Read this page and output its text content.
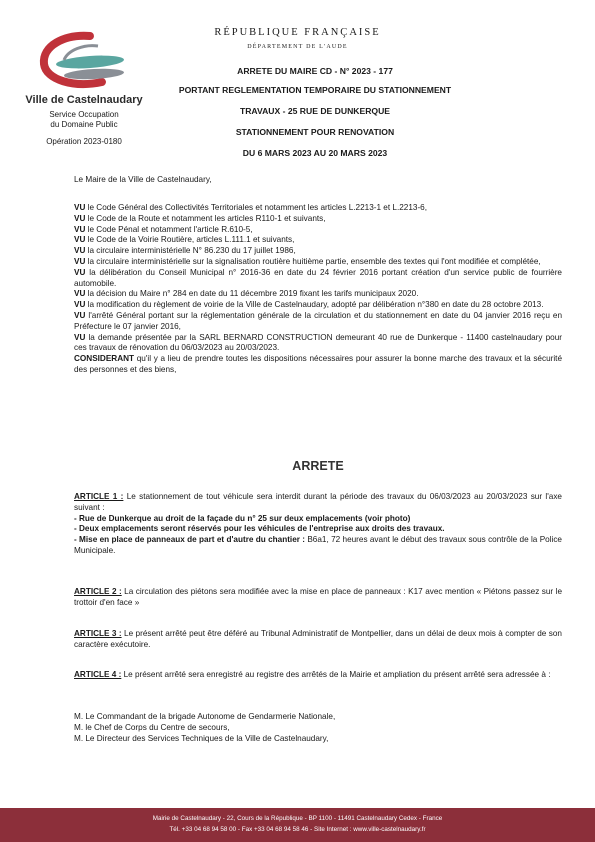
Ville de Castelnaudary
Service Occupation
du Domaine Public
Opération 2023-0180
RÉPUBLIQUE FRANÇAISE
DÉPARTEMENT DE L'AUDE
ARRETE DU MAIRE CD - N° 2023 - 177
PORTANT REGLEMENTATION TEMPORAIRE DU STATIONNEMENT
TRAVAUX - 25 RUE DE DUNKERQUE
STATIONNEMENT POUR RENOVATION
DU 6 MARS 2023 AU 20 MARS 2023
Le Maire de la Ville de Castelnaudary,

VU le Code Général des Collectivités Territoriales et notamment les articles L.2213-1 et L.2213-6,

VU le Code de la Route et notamment les articles R110-1 et suivants,

VU le Code Pénal et notamment l'article R.610-5,

VU le Code de la Voirie Routière, articles L.111.1 et suivants,

VU la circulaire interministérielle N° 86.230 du 17 juillet 1986,

VU la circulaire interministérielle sur la signalisation routière huitième partie, ensemble des textes qui l'ont modifiée et complétée,

VU la délibération du Conseil Municipal n° 2016-36 en date du 24 février 2016 portant création d'un service public de fourrière automobile.

VU la décision du Maire n° 284 en date du 11 décembre 2019 fixant les tarifs municipaux 2020.

VU la modification du règlement de voirie de la Ville de Castelnaudary, adopté par délibération n°380 en date du 28 octobre 2013.

VU l'arrêté Général portant sur la réglementation générale de la circulation et du stationnement en date du 04 janvier 2016 reçu en Préfecture le 07 janvier 2016,

VU la demande présentée par la SARL BERNARD CONSTRUCTION demeurant 40 rue de Dunkerque - 11400 castelnaudary pour ces travaux de rénovation du 06/03/2023 au 20/03/2023.

CONSIDERANT qu'il y a lieu de prendre toutes les dispositions nécessaires pour assurer la bonne marche des travaux et la sécurité des personnes et des biens,

ARRETE

ARTICLE 1 : Le stationnement de tout véhicule sera interdit durant la période des travaux du 06/03/2023 au 20/03/2023 sur l'axe suivant :

- Rue de Dunkerque au droit de la façade du n° 25 sur deux emplacements (voir photo)

- Deux emplacements seront réservés pour les véhicules de l'entreprise aux droits des travaux.

- Mise en place de panneaux de part et d'autre du chantier : B6a1, 72 heures avant le début des travaux sous contrôle de la Police Municipale.

ARTICLE 2 : La circulation des piétons sera modifiée avec la mise en place de panneaux : K17 avec mention « Piétons passez sur le trottoir d'en face »

ARTICLE 3 : Le présent arrêté peut être déféré au Tribunal Administratif de Montpellier, dans un délai de deux mois à compter de son caractère exécutoire.

ARTICLE 4 : Le présent arrêté sera enregistré au registre des arrêtés de la Mairie et ampliation du présent arrêté sera adressée à :

M. Le Commandant de la brigade Autonome de Gendarmerie Nationale,

M. le Chef de Corps du Centre de secours,

M. Le Directeur des Services Techniques de la Ville de Castelnaudary,

Mairie de Castelnaudary - 22, Cours de la République - BP 1100 - 11491 Castelnaudary Cedex - France
Tél. +33 04 68 94 58 00 - Fax +33 04 68 94 58 46 - Site Internet : www.ville-castelnaudary.fr
